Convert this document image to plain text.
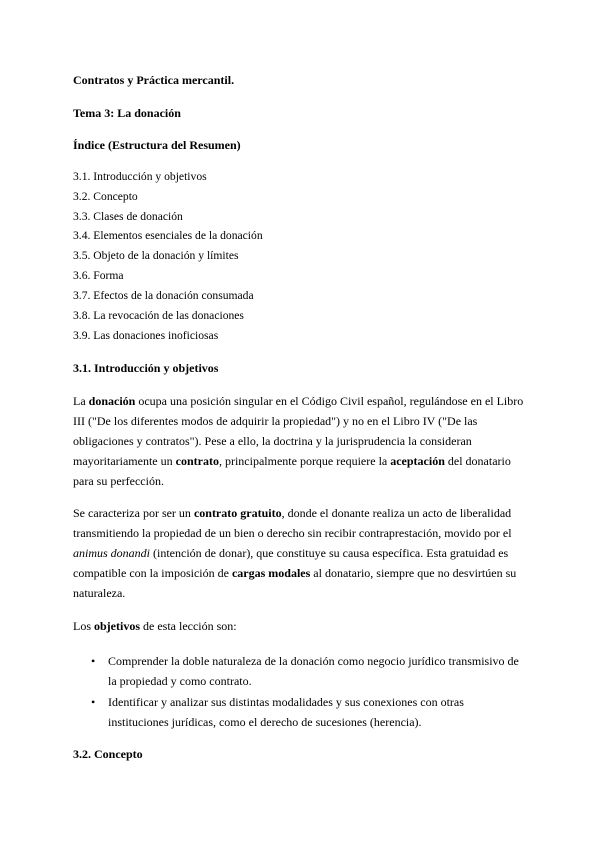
Contratos y Práctica mercantil.
Tema 3: La donación
Índice (Estructura del Resumen)
3.1. Introducción y objetivos
3.2. Concepto
3.3. Clases de donación
3.4. Elementos esenciales de la donación
3.5. Objeto de la donación y límites
3.6. Forma
3.7. Efectos de la donación consumada
3.8. La revocación de las donaciones
3.9. Las donaciones inoficiosas
3.1. Introducción y objetivos
La donación ocupa una posición singular en el Código Civil español, regulándose en el Libro
III ("De los diferentes modos de adquirir la propiedad") y no en el Libro IV ("De las
obligaciones y contratos"). Pese a ello, la doctrina y la jurisprudencia la consideran
mayoritariamente un contrato, principalmente porque requiere la aceptación del donatario
para su perfección.
Se caracteriza por ser un contrato gratuito, donde el donante realiza un acto de liberalidad
transmitiendo la propiedad de un bien o derecho sin recibir contraprestación, movido por el
animus donandi (intención de donar), que constituye su causa específica. Esta gratuidad es
compatible con la imposición de cargas modales al donatario, siempre que no desvirtúen su
naturaleza.
Los objetivos de esta lección son:
• Comprender la doble naturaleza de la donación como negocio jurídico transmisivo de
la propiedad y como contrato.
• Identificar y analizar sus distintas modalidades y sus conexiones con otras
instituciones jurídicas, como el derecho de sucesiones (herencia).
3.2. Concepto
